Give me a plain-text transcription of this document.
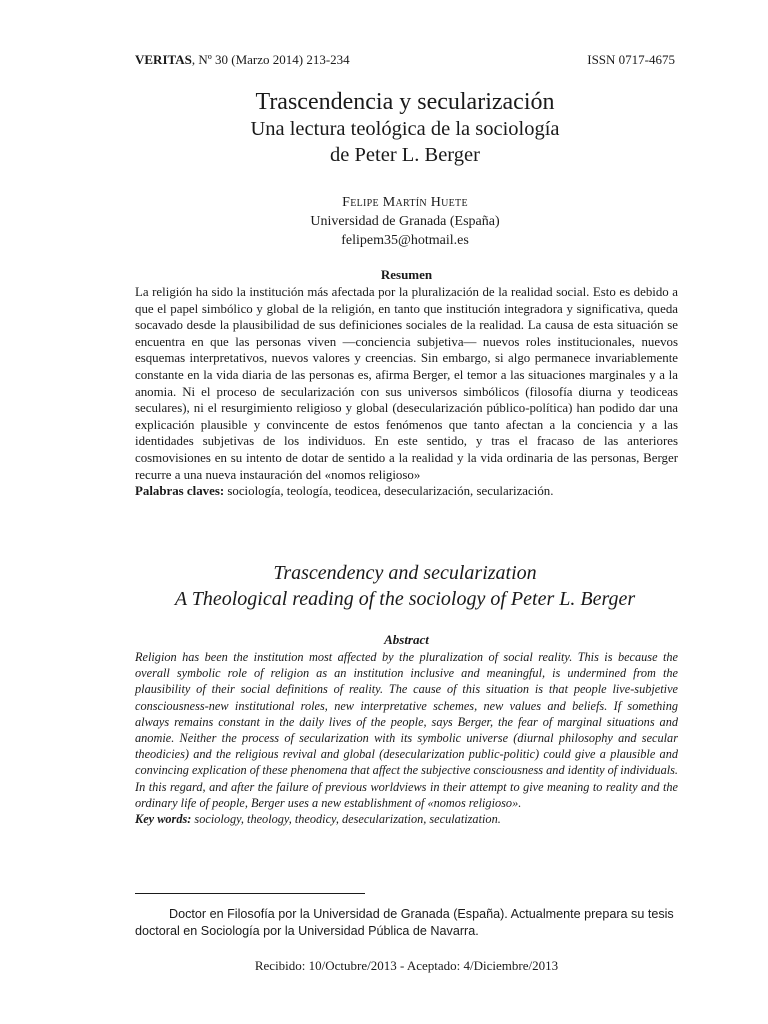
VERITAS, Nº 30 (Marzo 2014) 213-234	ISSN 0717-4675
Trascendencia y secularización
Una lectura teológica de la sociología
de Peter L. Berger
Felipe Martín Huete
Universidad de Granada (España)
felipem35@hotmail.es
Resumen

La religión ha sido la institución más afectada por la pluralización de la realidad social. Esto es debido a que el papel simbólico y global de la religión, en tanto que institución integradora y significativa, queda socavado desde la plausibilidad de sus definiciones sociales de la realidad. La causa de esta situación se encuentra en que las personas viven —conciencia subjetiva— nuevos roles institucionales, nuevos esquemas interpretativos, nuevos valores y creencias. Sin embargo, si algo permanece invariablemente constante en la vida diaria de las personas es, afirma Berger, el temor a las situaciones marginales y a la anomia. Ni el proceso de secularización con sus universos simbólicos (filosofía diurna y teodiceas seculares), ni el resurgimiento religioso y global (desecularización público-política) han podido dar una explicación plausible y convincente de estos fenómenos que tanto afectan a la conciencia y a las identidades subjetivas de los individuos. En este sentido, y tras el fracaso de las anteriores cosmovisiones en su intento de dotar de sentido a la realidad y la vida ordinaria de las personas, Berger recurre a una nueva instauración del «nomos religioso»

Palabras claves: sociología, teología, teodicea, desecularización, secularización.

Trascendency and secularization
A Theological reading of the sociology of Peter L. Berger
Abstract

Religion has been the institution most affected by the pluralization of social reality. This is because the overall symbolic role of religion as an institution inclusive and meaningful, is undermined from the plausibility of their social definitions of reality. The cause of this situation is that people live-subjetive consciousness-new institutional roles, new interpretative schemes, new values and beliefs. If something always remains constant in the daily lives of the people, says Berger, the fear of marginal situations and anomie. Neither the process of secularization with its symbolic universe (diurnal philosophy and secular theodicies) and the religious revival and global (desecularization public-politic) could give a plausible and convincing explication of these phenomena that affect the subjective consciousness and identity of individuals. In this regard, and after the failure of previous worldviews in their attempt to give meaning to reality and the ordinary life of people, Berger uses a new establishment of «nomos religioso».

Key words: sociology, theology, theodicy, desecularization, seculatization.

Doctor en Filosofía por la Universidad de Granada (España). Actualmente prepara su tesis doctoral en Sociología por la Universidad Pública de Navarra.
Recibido: 10/Octubre/2013 - Aceptado: 4/Diciembre/2013
